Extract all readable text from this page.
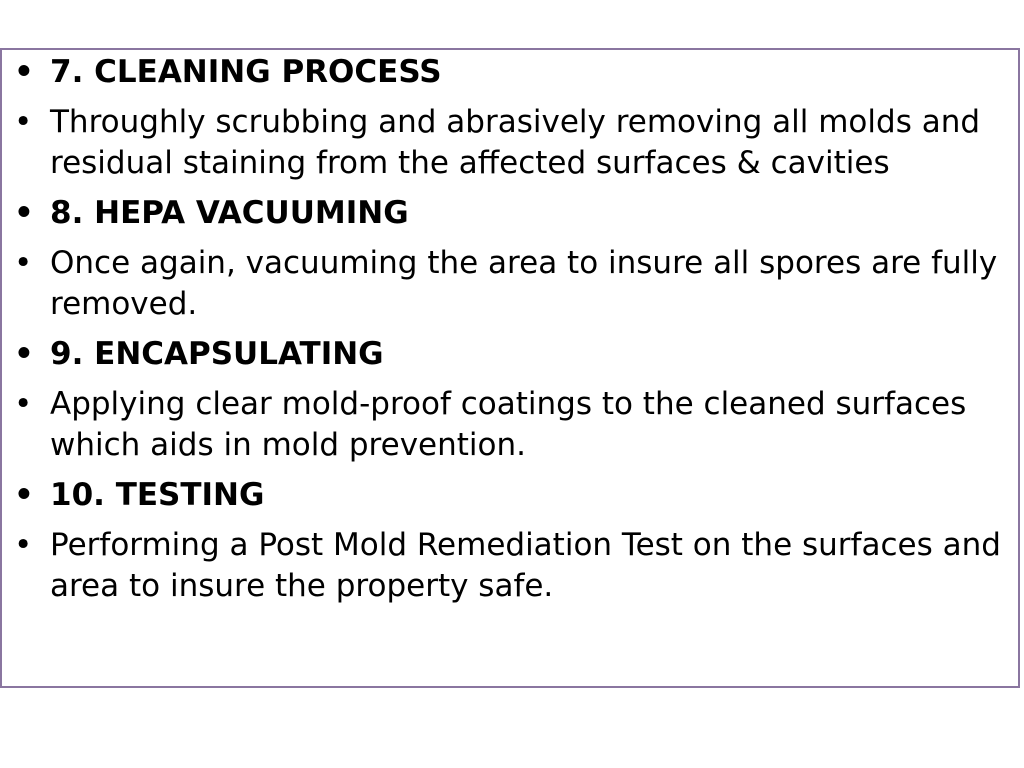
• 7. CLEANING PROCESS
• Throughly scrubbing and abrasively removing all molds and residual staining from the affected surfaces & cavities
• 8. HEPA VACUUMING
• Once again, vacuuming the area to insure all spores are fully removed.
• 9. ENCAPSULATING
• Applying clear mold-proof coatings to the cleaned surfaces which aids in mold prevention.
• 10. TESTING
• Performing a Post Mold Remediation Test on the surfaces and area to insure the property safe.
